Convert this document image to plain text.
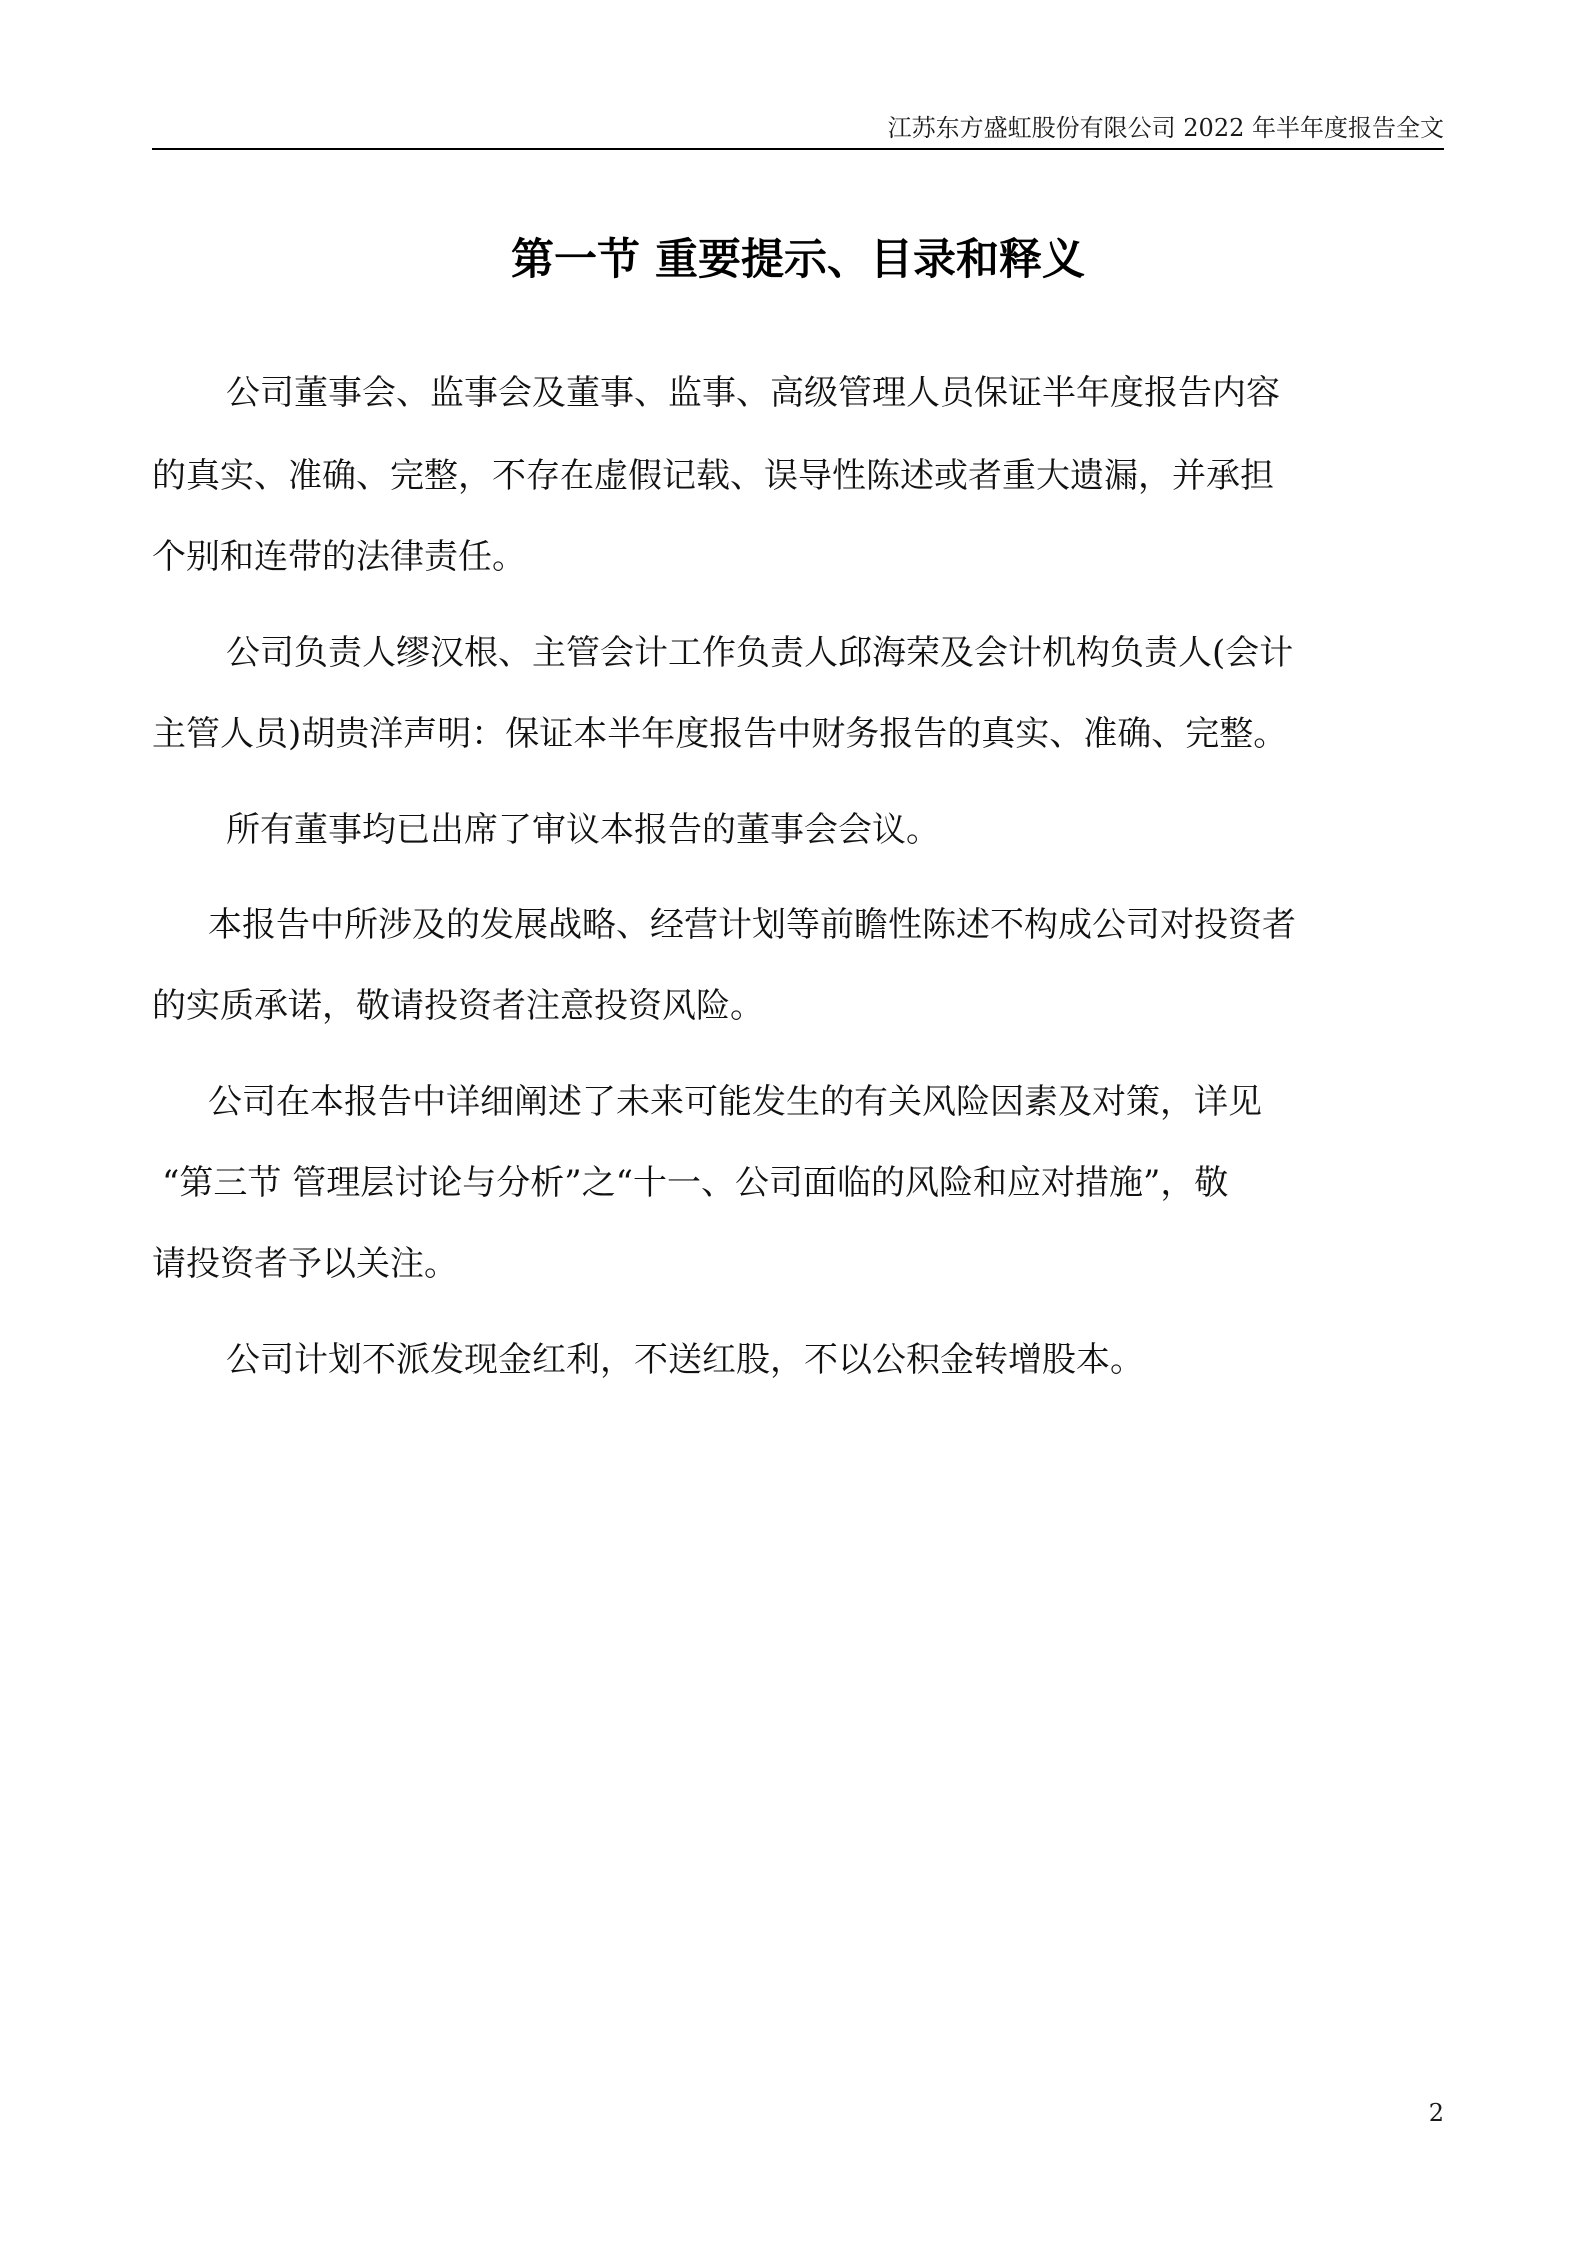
江苏东方盛虹股份有限公司 2022 年半年度报告全文
第一节 重要提示、目录和释义
公司董事会、监事会及董事、监事、高级管理人员保证半年度报告内容
的真实、准确、完整，不存在虚假记载、误导性陈述或者重大遗漏，并承担
个别和连带的法律责任。
公司负责人缪汉根、主管会计工作负责人邱海荣及会计机构负责人(会计
主管人员)胡贵洋声明：保证本半年度报告中财务报告的真实、准确、完整。
所有董事均已出席了审议本报告的董事会会议。
本报告中所涉及的发展战略、经营计划等前瞻性陈述不构成公司对投资者
的实质承诺，敬请投资者注意投资风险。
公司在本报告中详细阐述了未来可能发生的有关风险因素及对策，详见
“第三节 管理层讨论与分析”之“十一、公司面临的风险和应对措施”，敬
请投资者予以关注。
公司计划不派发现金红利，不送红股，不以公积金转增股本。
2
